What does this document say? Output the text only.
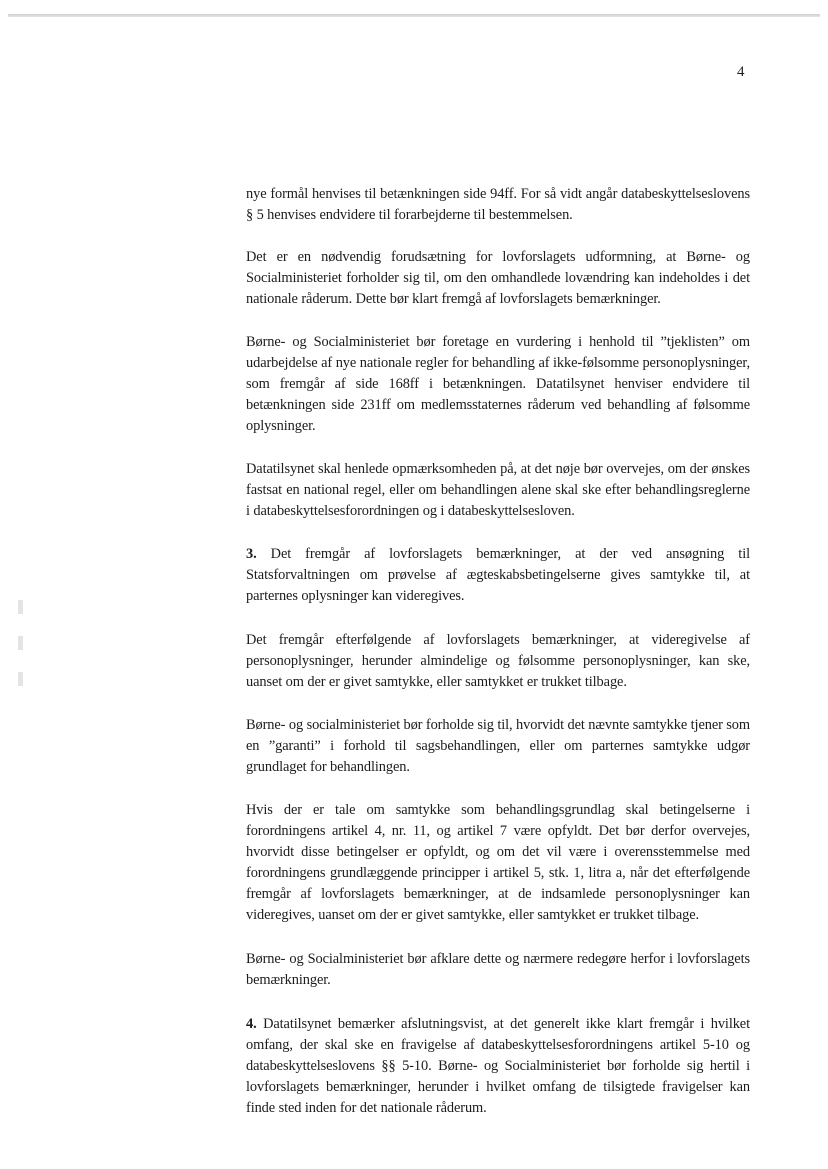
4

nye formål henvises til betænkningen side 94ff. For så vidt angår databeskyttelseslovens § 5 henvises endvidere til forarbejderne til bestemmelsen.

Det er en nødvendig forudsætning for lovforslagets udformning, at Børne- og Socialministeriet forholder sig til, om den omhandlede lovændring kan indeholdes i det nationale råderum. Dette bør klart fremgå af lovforslagets bemærkninger.

Børne- og Socialministeriet bør foretage en vurdering i henhold til ”tjeklisten” om udarbejdelse af nye nationale regler for behandling af ikke-følsomme personoplysninger, som fremgår af side 168ff i betænkningen. Datatilsynet henviser endvidere til betænkningen side 231ff om medlemsstaternes råderum ved behandling af følsomme oplysninger.

Datatilsynet skal henlede opmærksomheden på, at det nøje bør overvejes, om der ønskes fastsat en national regel, eller om behandlingen alene skal ske efter behandlingsreglerne i databeskyttelsesforordningen og i databeskyttelsesloven.

3. Det fremgår af lovforslagets bemærkninger, at der ved ansøgning til Statsforvaltningen om prøvelse af ægteskabsbetingelserne gives samtykke til, at parternes oplysninger kan videregives.

Det fremgår efterfølgende af lovforslagets bemærkninger, at videregivelse af personoplysninger, herunder almindelige og følsomme personoplysninger, kan ske, uanset om der er givet samtykke, eller samtykket er trukket tilbage.

Børne- og socialministeriet bør forholde sig til, hvorvidt det nævnte samtykke tjener som en ”garanti” i forhold til sagsbehandlingen, eller om parternes samtykke udgør grundlaget for behandlingen.

Hvis der er tale om samtykke som behandlingsgrundlag skal betingelserne i forordningens artikel 4, nr. 11, og artikel 7 være opfyldt. Det bør derfor overvejes, hvorvidt disse betingelser er opfyldt, og om det vil være i overensstemmelse med forordningens grundlæggende principper i artikel 5, stk. 1, litra a, når det efterfølgende fremgår af lovforslagets bemærkninger, at de indsamlede personoplysninger kan videregives, uanset om der er givet samtykke, eller samtykket er trukket tilbage.

Børne- og Socialministeriet bør afklare dette og nærmere redegøre herfor i lovforslagets bemærkninger.

4. Datatilsynet bemærker afslutningsvist, at det generelt ikke klart fremgår i hvilket omfang, der skal ske en fravigelse af databeskyttelsesforordningens artikel 5-10 og databeskyttelseslovens §§ 5-10. Børne- og Socialministeriet bør forholde sig hertil i lovforslagets bemærkninger, herunder i hvilket omfang de tilsigtede fravigelser kan finde sted inden for det nationale råderum.
